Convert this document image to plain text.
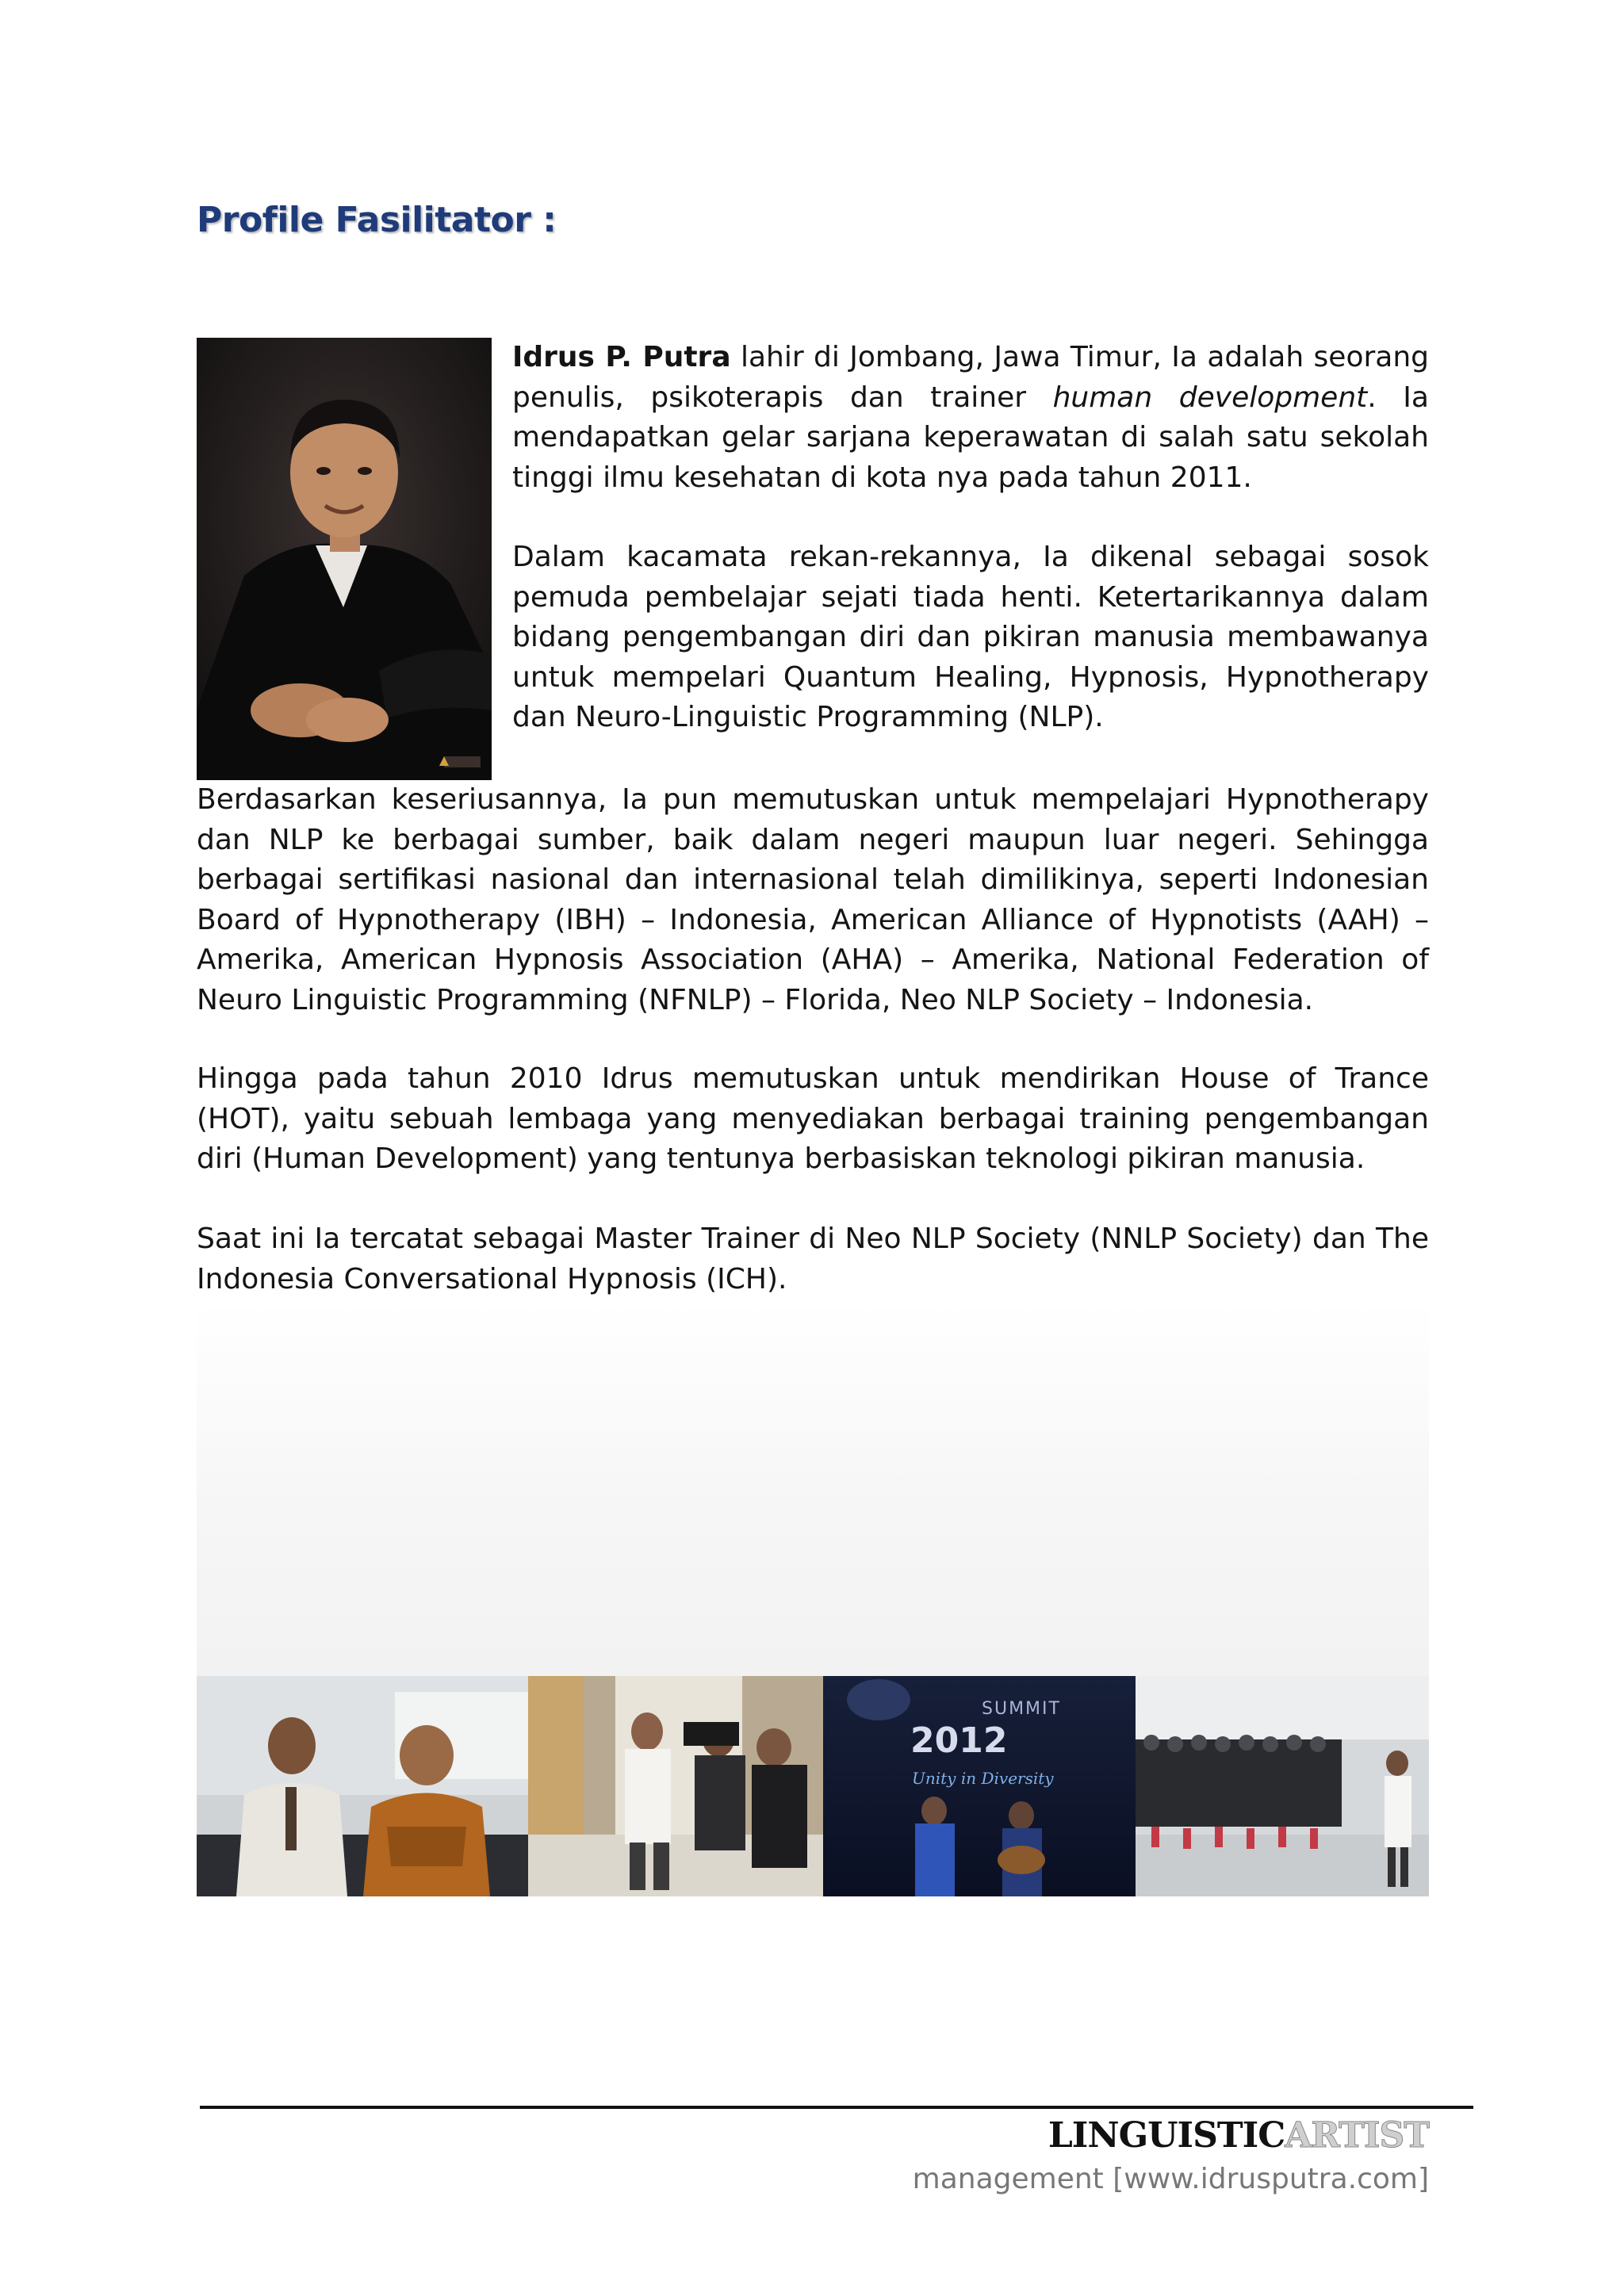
Profile Fasilitator :

Idrus P. Putra lahir di Jombang, Jawa Timur, Ia adalah seorang penulis, psikoterapis dan trainer human development. Ia mendapatkan gelar sarjana keperawatan di salah satu sekolah tinggi ilmu kesehatan di kota nya pada tahun 2011.

Dalam kacamata rekan-rekannya, Ia dikenal sebagai sosok pemuda pembelajar sejati tiada henti. Ketertarikannya dalam bidang pengembangan diri dan pikiran manusia membawanya untuk mempelari Quantum Healing, Hypnosis, Hypnotherapy dan Neuro-Linguistic Programming (NLP).

Berdasarkan keseriusannya, Ia pun memutuskan untuk mempelajari Hypnotherapy dan NLP ke berbagai sumber, baik dalam negeri maupun luar negeri. Sehingga berbagai sertifikasi nasional dan internasional telah dimilikinya, seperti Indonesian Board of Hypnotherapy (IBH) – Indonesia, American Alliance of Hypnotists (AAH) – Amerika, American Hypnosis Association (AHA) – Amerika, National Federation of Neuro Linguistic Programming (NFNLP) – Florida, Neo NLP Society – Indonesia.

Hingga pada tahun 2010 Idrus memutuskan untuk mendirikan House of Trance (HOT), yaitu sebuah lembaga yang menyediakan berbagai training pengembangan diri (Human Development) yang tentunya berbasiskan teknologi pikiran manusia.

Saat ini Ia tercatat sebagai Master Trainer di Neo NLP Society (NNLP Society) dan The Indonesia Conversational Hypnosis (ICH).

SUMMIT
2012
Unity in Diversity
LINGUISTICARTIST
management [www.idrusputra.com]
